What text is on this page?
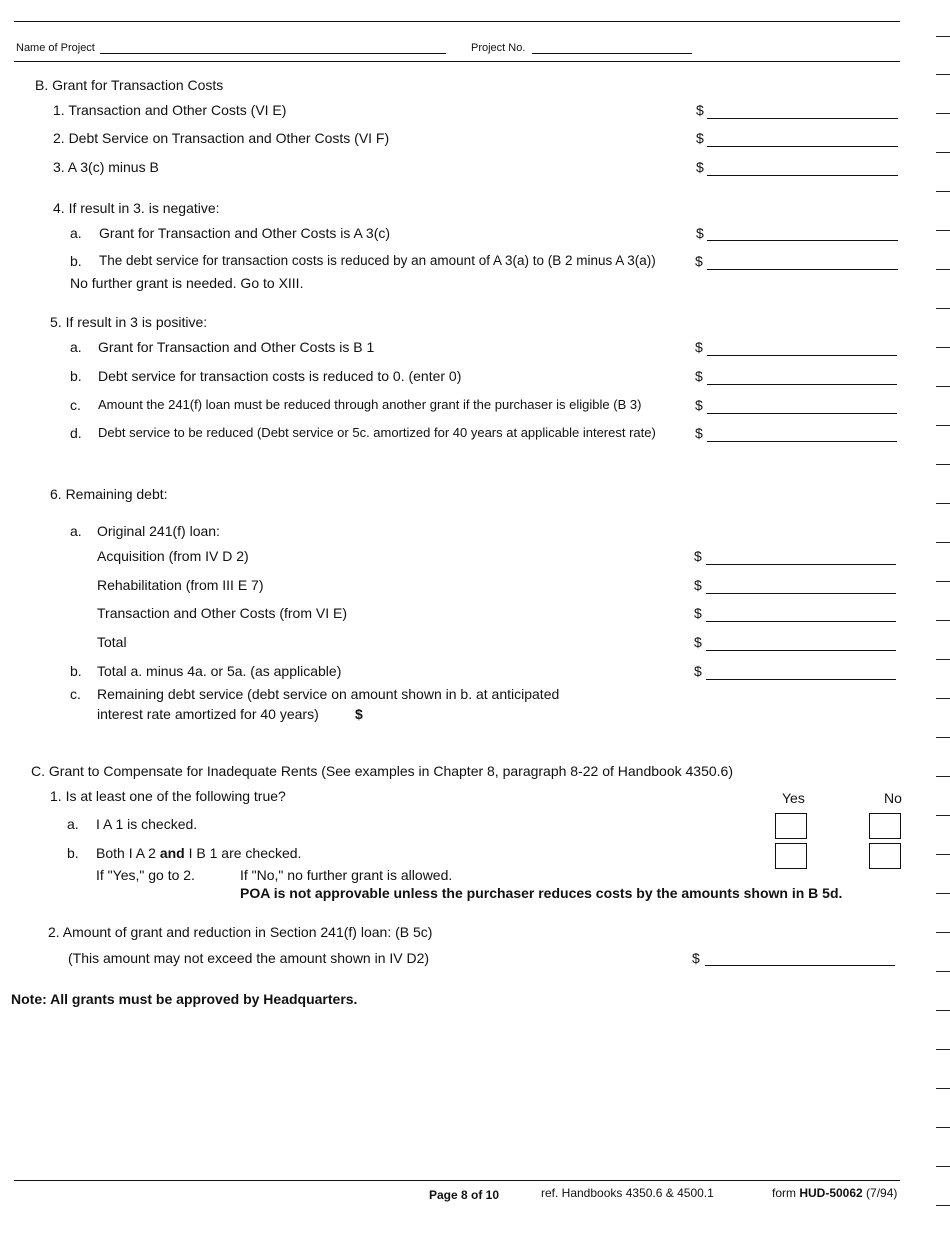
Name of Project	Project No.
B. Grant for Transaction Costs
1. Transaction and Other Costs (VI E)	$
2. Debt Service on Transaction and Other Costs (VI F)	$
3. A 3(c) minus B	$
4. If result in 3. is negative:
a. Grant for Transaction and Other Costs is A 3(c)	$
b. The debt service for transaction costs is reduced by an amount of A 3(a) to (B 2 minus A 3(a))	$
No further grant is needed. Go to XIII.
5. If result in 3 is positive:
a. Grant for Transaction and Other Costs is B 1	$
b. Debt service for transaction costs is reduced to 0. (enter 0)	$
c. Amount the 241(f) loan must be reduced through another grant if the purchaser is eligible (B 3)	$
d. Debt service to be reduced (Debt service or 5c. amortized for 40 years at applicable interest rate)	$
6. Remaining debt:
a. Original 241(f) loan:
Acquisition (from IV D 2)	$
Rehabilitation (from III E 7)	$
Transaction and Other Costs (from VI E)	$
Total	$
b. Total a. minus 4a. or 5a. (as applicable)	$
c. Remaining debt service (debt service on amount shown in b. at anticipated
interest rate amortized for 40 years)	$
C. Grant to Compensate for Inadequate Rents (See examples in Chapter 8, paragraph 8-22 of Handbook 4350.6)
1. Is at least one of the following true?	Yes	No
a. I A 1 is checked.
b. Both I A 2 and I B 1 are checked.
If "Yes," go to 2.	If "No," no further grant is allowed.
POA is not approvable unless the purchaser reduces costs by the amounts shown in B 5d.
2. Amount of grant and reduction in Section 241(f) loan: (B 5c)
(This amount may not exceed the amount shown in IV D2)	$
Note: All grants must be approved by Headquarters.
Page 8 of 10	ref. Handbooks 4350.6 & 4500.1	form HUD-50062 (7/94)
